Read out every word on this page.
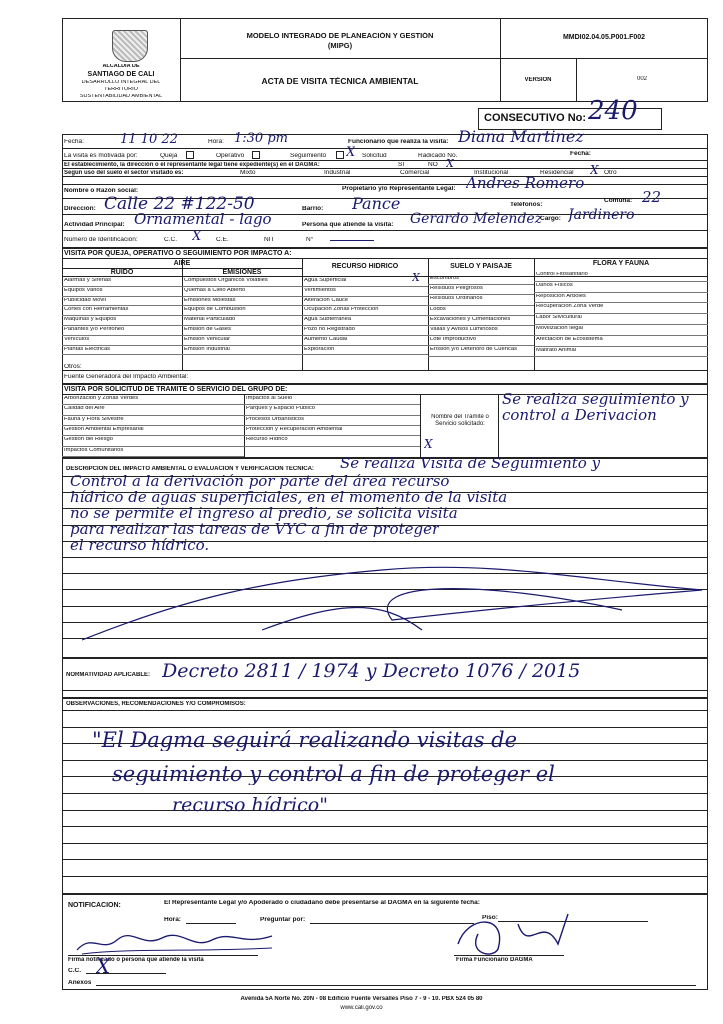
ALCALDÍA DE
SANTIAGO DE CALI
DESARROLLO INTEGRAL DEL
TERRITORIO
SUSTENTABILIDAD AMBIENTAL
MODELO INTEGRADO DE PLANEACIÓN Y GESTIÓN
(MIPG)
MMDI02.04.05.P001.F002
ACTA DE VISITA TÉCNICA AMBIENTAL	VERSIÓN	002
CONSECUTIVO No: 240
Fecha:	11 10 22	Hora: 1:30 pm	Funcionario que realiza la visita: Diana Martinez
Fecha:
La visita es motivada por:	Queja	Operativo	Seguimiento X Solicitud	Radicado No.
El establecimiento, la dirección o el representante legal tiene expediente(s) en el DAGMA:	SI	NO X
Según uso del suelo el sector visitado es:	Mixto	Industrial	Comercial	Institucional	Residencial X Otro
Nombre o Razón social:	Propietario y/o Representante Legal: Andres Romero
Dirección: Calle 22 #122-50	Barrio: Pance	Teléfonos:
Comuna: 22
Actividad Principal: Ornamental - lago	Persona que atiende la visita: Gerardo Melendez
Cargo: Jardinero
Número de Identificación:	C.C. X C.E.	NIT	N°
VISITA POR QUEJA, OPERATIVO O SEGUIMIENTO POR IMPACTO A:
AIRE
RUIDO	EMISIONES
RECURSO HÍDRICO	SUELO Y PAISAJE	FLORA Y FAUNA
Alarmas y Sirenas
Equipos Varios
Publicidad Móvil
Cortes con Herramientas
Máquinas y Equipos
Parlantes y/o Perifoneo
Vehículos
Plantas Eléctricas
Compuestos Orgánicos Volátiles
Quemas a Cielo Abierto
Emisiones Molestas
Equipos de Combustión
Material Particulado
Emisión de Gases
Emisión Vehicular
Emisión Industrial
Agua Superficial
Vertimientos
Alteración Cauce
Ocupación Zonas Protección
Agua Subterránea
Pozo no Registrado
Aumento Caudal
Exploración
Escombros
Residuos Peligrosos
Residuos Ordinarios
Lodos
Excavaciones y Cimentaciones
Vallas y Avisos Luminosos
Lote Improductivo
Erosión y/o Deterioro de Cuencas
Control Fitosanitario
Daños Físicos
Reposición Árboles
Recuperación Zona Verde
Labor Silvicultural
Movilización Ilegal
Afectación de Ecosistema
Maltrato Animal
X
Otros:
Fuente Generadora del Impacto Ambiental:
VISITA POR SOLICITUD DE TRÁMITE O SERVICIO DEL GRUPO DE:
Arborización y Zonas Verdes
Calidad del Aire
Fauna y Flora Silvestre
Gestión Ambiental Empresarial
Gestión del Riesgo
Impactos Comunitarios
Impactos al Suelo
Parques y Espacio Público
Procesos Urbanísticos
Protección y Recuperación Ambiental
Recurso Hídrico
Nombre del Trámite o Servicio solicitado:
Se realiza seguimiento y control a Derivacion
X
DESCRIPCIÓN DEL IMPACTO AMBIENTAL O EVALUACIÓN Y VERIFICACIÓN TÉCNICA: Se realiza Visita de Seguimiento y
Control a la derivación por parte del área recurso
hídrico de aguas superficiales, en el momento de la visita
no se permite el ingreso al predio, se solicita visita
para realizar las tareas de VYC a fin de proteger
el recurso hídrico.
NORMATIVIDAD APLICABLE: Decreto 2811 / 1974 y Decreto 1076 / 2015
OBSERVACIONES, RECOMENDACIONES Y/O COMPROMISOS:
"El Dagma seguirá realizando visitas de
seguimiento y control a fin de proteger el
recurso hídrico"
NOTIFICACIÓN:	El Representante Legal y/o Apoderado o ciudadano debe presentarse al DAGMA en la siguiente fecha:
Hora:	Preguntar por:	Piso:
Firma notificado o persona que atiende la visita	Firma Funcionario DAGMA
C.C. X
Anexos
Avenida 5A Norte No. 20N - 08 Edificio Fuente Versalles Piso 7 - 9 - 10. PBX 524 05 80
www.cali.gov.co
